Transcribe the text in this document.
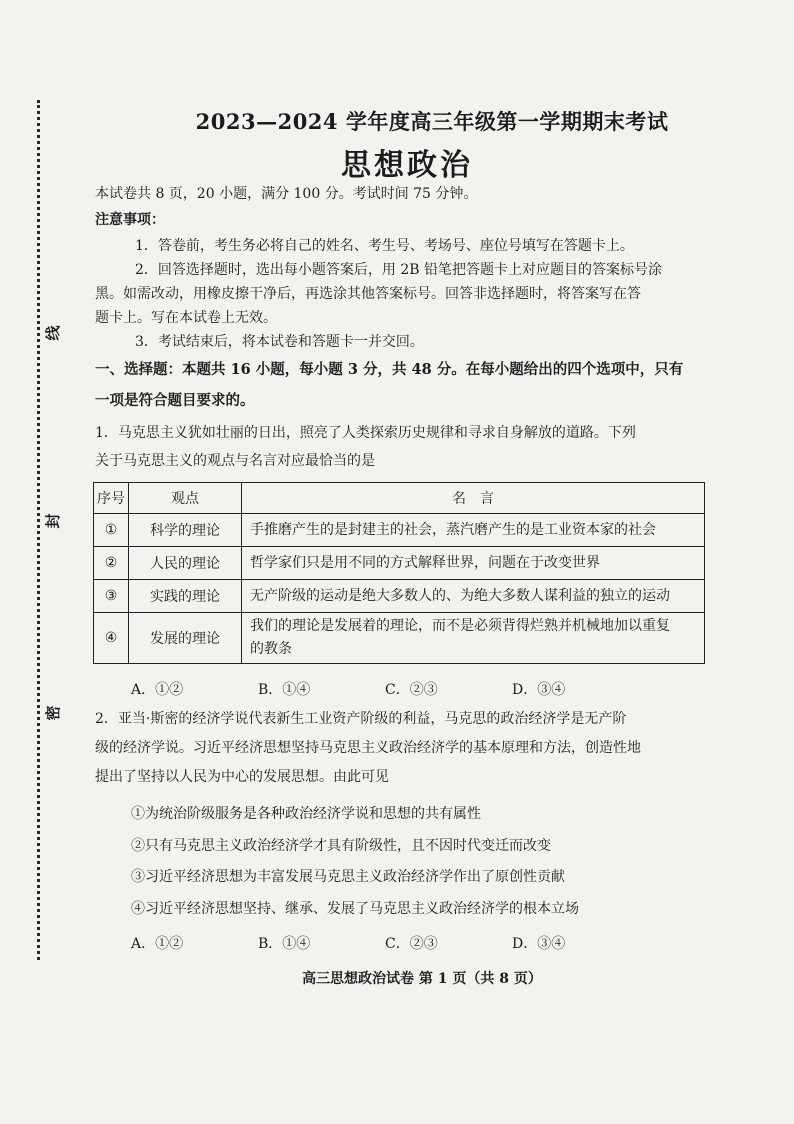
线
封
密
2023—2024 学年度高三年级第一学期期末考试
思想政治
本试卷共 8 页，20 小题，满分 100 分。考试时间 75 分钟。
注意事项：
1．答卷前，考生务必将自己的姓名、考生号、考场号、座位号填写在答题卡上。
2．回答选择题时，选出每小题答案后，用 2B 铅笔把答题卡上对应题目的答案标号涂
黑。如需改动，用橡皮擦干净后，再选涂其他答案标号。回答非选择题时，将答案写在答
题卡上。写在本试卷上无效。
3．考试结束后，将本试卷和答题卡一并交回。
一、选择题：本题共 16 小题，每小题 3 分，共 48 分。在每小题给出的四个选项中，只有
一项是符合题目要求的。
1．马克思主义犹如壮丽的日出，照亮了人类探索历史规律和寻求自身解放的道路。下列
关于马克思主义的观点与名言对应最恰当的是
序号	观点	名　言
①	科学的理论	手推磨产生的是封建主的社会，蒸汽磨产生的是工业资本家的社会
②	人民的理论	哲学家们只是用不同的方式解释世界，问题在于改变世界
③	实践的理论	无产阶级的运动是绝大多数人的、为绝大多数人谋利益的独立的运动
④	发展的理论	我们的理论是发展着的理论，而不是必须背得烂熟并机械地加以重复
的教条
A．①②	B．①④	C．②③	D．③④
2．亚当·斯密的经济学说代表新生工业资产阶级的利益，马克思的政治经济学是无产阶
级的经济学说。习近平经济思想坚持马克思主义政治经济学的基本原理和方法，创造性地
提出了坚持以人民为中心的发展思想。由此可见
①为统治阶级服务是各种政治经济学说和思想的共有属性
②只有马克思主义政治经济学才具有阶级性，且不因时代变迁而改变
③习近平经济思想为丰富发展马克思主义政治经济学作出了原创性贡献
④习近平经济思想坚持、继承、发展了马克思主义政治经济学的根本立场
A．①②	B．①④	C．②③	D．③④
高三思想政治试卷 第 1 页（共 8 页）
